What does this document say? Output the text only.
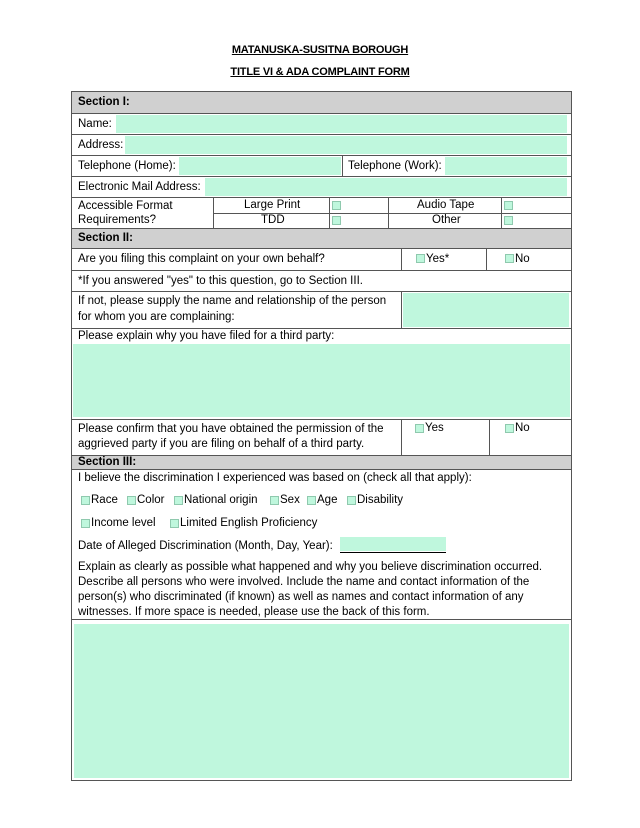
MATANUSKA-SUSITNA BOROUGH
TITLE VI & ADA COMPLAINT FORM
Section I:
Name:
Address:
Telephone (Home):	Telephone (Work):
Electronic Mail Address:
Accessible Format
Requirements?
Large Print	Audio Tape
TDD	Other
Section II:
Are you filing this complaint on your own behalf?	Yes*	No
*If you answered "yes" to this question, go to Section III.
If not, please supply the name and relationship of the person
for whom you are complaining:
Please explain why you have filed for a third party:
Please confirm that you have obtained the permission of the
aggrieved party if you are filing on behalf of a third party.
Yes	No
Section III:
I believe the discrimination I experienced was based on (check all that apply):
Race Color National origin Sex Age Disability
Income level Limited English Proficiency
Date of Alleged Discrimination (Month, Day, Year):
Explain as clearly as possible what happened and why you believe discrimination occurred.
Describe all persons who were involved. Include the name and contact information of the
person(s) who discriminated (if known) as well as names and contact information of any
witnesses. If more space is needed, please use the back of this form.
